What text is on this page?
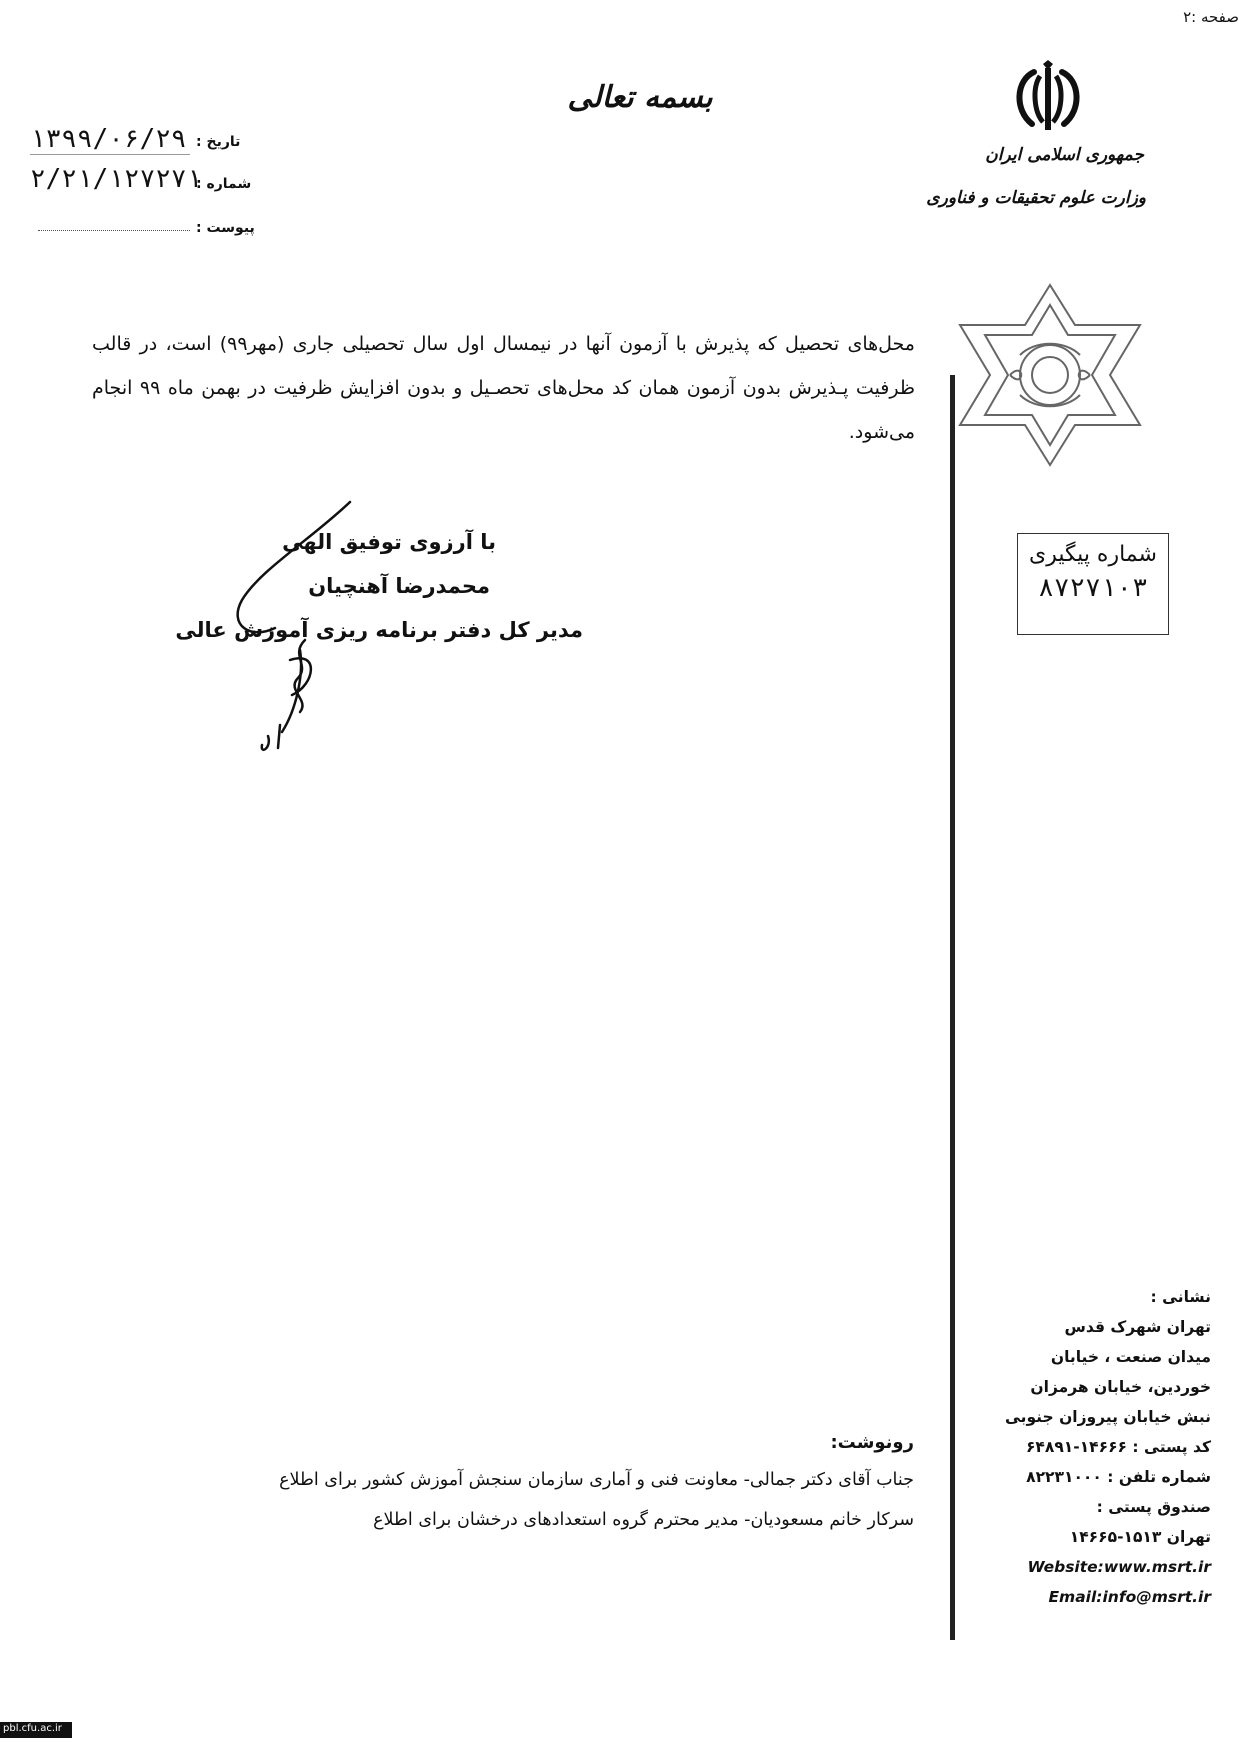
صفحه :۲
بسمه تعالی
جمهوری اسلامی ایران
وزارت علوم تحقیقات و فناوری
تاریخ :
۱۳۹۹/۰۶/۲۹
شماره :
۲/۲۱/۱۲۷۲۷۱
پیوست :
محل‌های تحصیل که پذیرش با آزمون آنها در نیمسال اول سال تحصیلی جاری (مهر۹۹) است، در قالب ظرفیت پـذیرش بدون آزمون همان کد محل‌های تحصـیل و بدون افزایش ظرفیت در بهمن ماه ۹۹ انجام می‌شود.
شماره پیگیری
۸۷۲۷۱۰۳
با آرزوی توفیق الهی
محمدرضا آهنچیان
مدیر کل دفتر برنامه ریزی آموزش عالی
نشانی :
تهران شهرک قدس
میدان صنعت ، خیابان
خوردین، خیابان هرمزان
نبش خیابان پیروزان جنوبی
کد پستی : ۱۴۶۶۶-۶۴۸۹۱
شماره تلفن : ۸۲۲۳۱۰۰۰
صندوق پستی :
تهران ۱۵۱۳-۱۴۶۶۵
Website:www.msrt.ir
Email:info@msrt.ir
رونوشت:
جناب آقای دکتر جمالی- معاونت فنی و آماری سازمان سنجش آموزش کشور برای اطلاع
سرکار خانم مسعودیان- مدیر محترم گروه استعدادهای درخشان برای اطلاع
pbl.cfu.ac.ir
